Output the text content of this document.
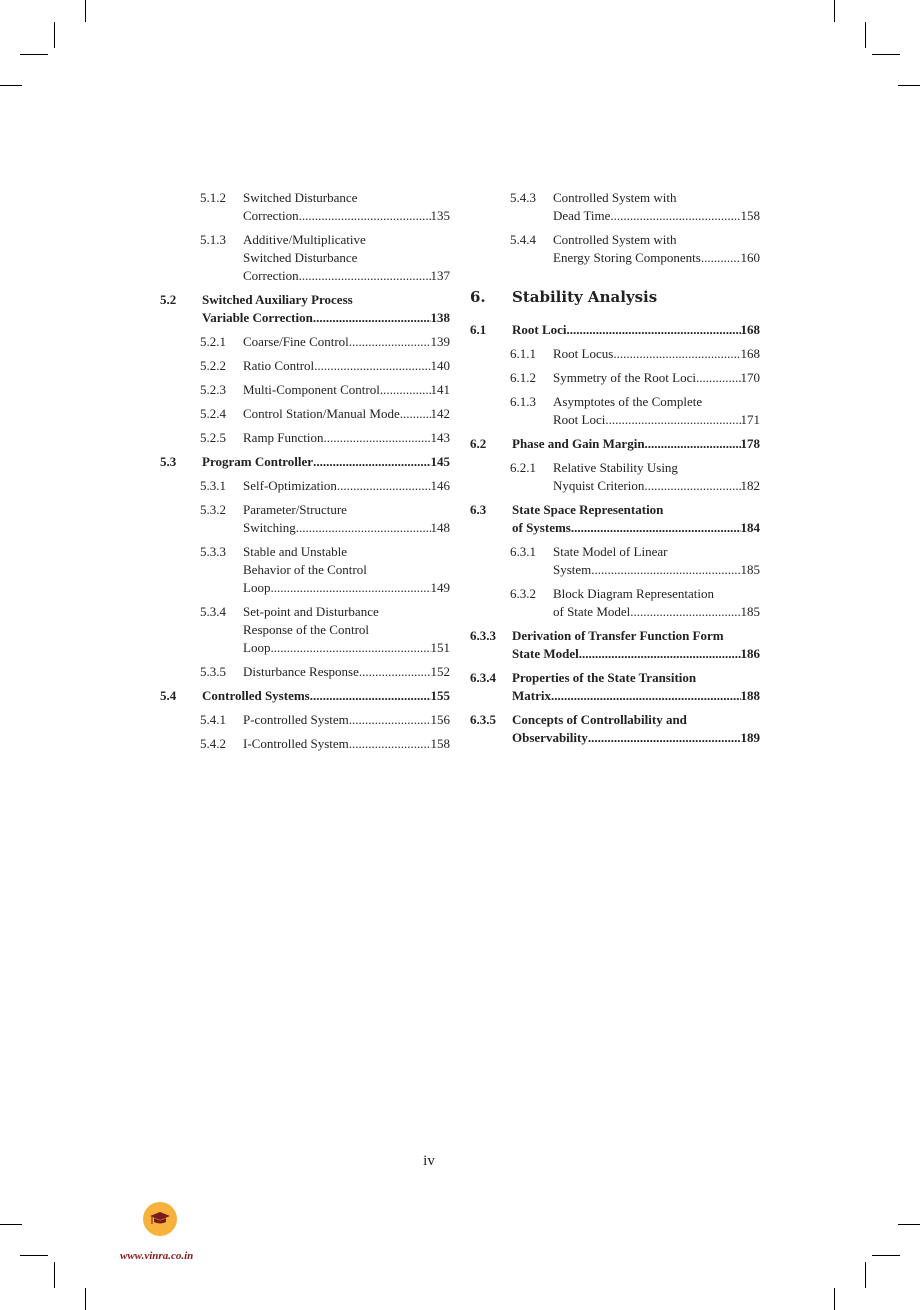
5.1.2 Switched Disturbance
Correction .....	135
5.1.3 Additive/Multiplicative
Switched Disturbance
Correction .....	137
5.2 Switched Auxiliary Process
Variable Correction .....	138
5.2.1 Coarse/Fine Control .....	139
5.2.2 Ratio Control .....	140
5.2.3 Multi-Component Control .....	141
5.2.4 Control Station/Manual Mode ..... 142
5.2.5 Ramp Function .....	143
5.3 Program Controller .....	145
5.3.1 Self-Optimization .....	146
5.3.2 Parameter/Structure
Switching .....	148
5.3.3 Stable and Unstable
Behavior of the Control
Loop .....	149
5.3.4 Set-point and Disturbance
Response of the Control
Loop .....	151
5.3.5 Disturbance Response .....	152
5.4 Controlled Systems .....	155
5.4.1 P-controlled System .....	156
5.4.2 I-Controlled System .....	158
5.4.3 Controlled System with
Dead Time .....	158
5.4.4 Controlled System with
Energy Storing Components .....	160
6. Stability Analysis
6.1 Root Loci .....	168
6.1.1 Root Locus .....	168
6.1.2 Symmetry of the Root Loci .....	170
6.1.3 Asymptotes of the Complete
Root Loci .....	171
6.2 Phase and Gain Margin .....	178
6.2.1 Relative Stability Using
Nyquist Criterion .....	182
6.3 State Space Representation
of Systems .....	184
6.3.1 State Model of Linear
System .....	185
6.3.2 Block Diagram Representation
of State Model .....	185
6.3.3 Derivation of Transfer Function Form
State Model .....	186
6.3.4 Properties of the State Transition
Matrix .....	188
6.3.5 Concepts of Controllability and
Observability .....	189
iv
www.vinra.co.in
